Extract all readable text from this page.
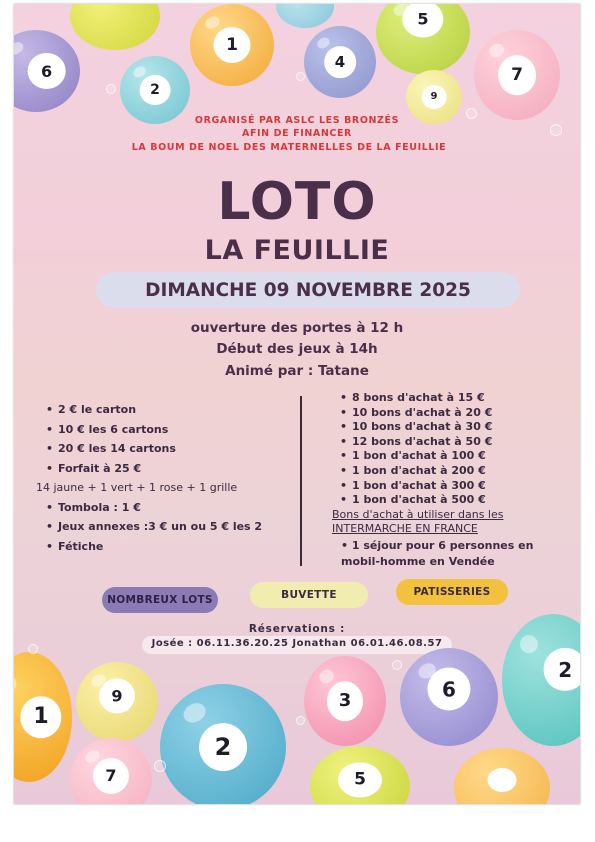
1
4
5
6
2
7
9
ORGANISÉ PAR ASLC LES BRONZÉS
AFIN DE FINANCER
LA BOUM DE NOEL DES MATERNELLES DE LA FEUILLIE
LOTO
LA FEUILLIE
DIMANCHE 09 NOVEMBRE 2025
ouverture des portes à 12 h
Début des jeux à 14h
Animé par : Tatane
• 2 € le carton
• 10 € les 6 cartons
• 20 € les 14 cartons
• Forfait à 25 €
14 jaune + 1 vert + 1 rose + 1 grille
• Tombola : 1 €
• Jeux annexes :3 € un ou 5 € les 2
• Fétiche
• 8 bons d'achat à 15 €
• 10 bons d'achat à 20 €
• 10 bons d'achat à 30 €
• 12 bons d'achat à 50 €
• 1 bon d'achat à 100 €
• 1 bon d'achat à 200 €
• 1 bon d'achat à 300 €
• 1 bon d'achat à 500 €
Bons d'achat à utiliser dans les
INTERMARCHE EN FRANCE
• 1 séjour pour 6 personnes en
mobil-homme en Vendée
NOMBREUX LOTS	BUVETTE	PATISSERIES
Réservations :
Josée : 06.11.36.20.25 Jonathan 06.01.46.08.57
1
9
2
3	6
2
7	5
